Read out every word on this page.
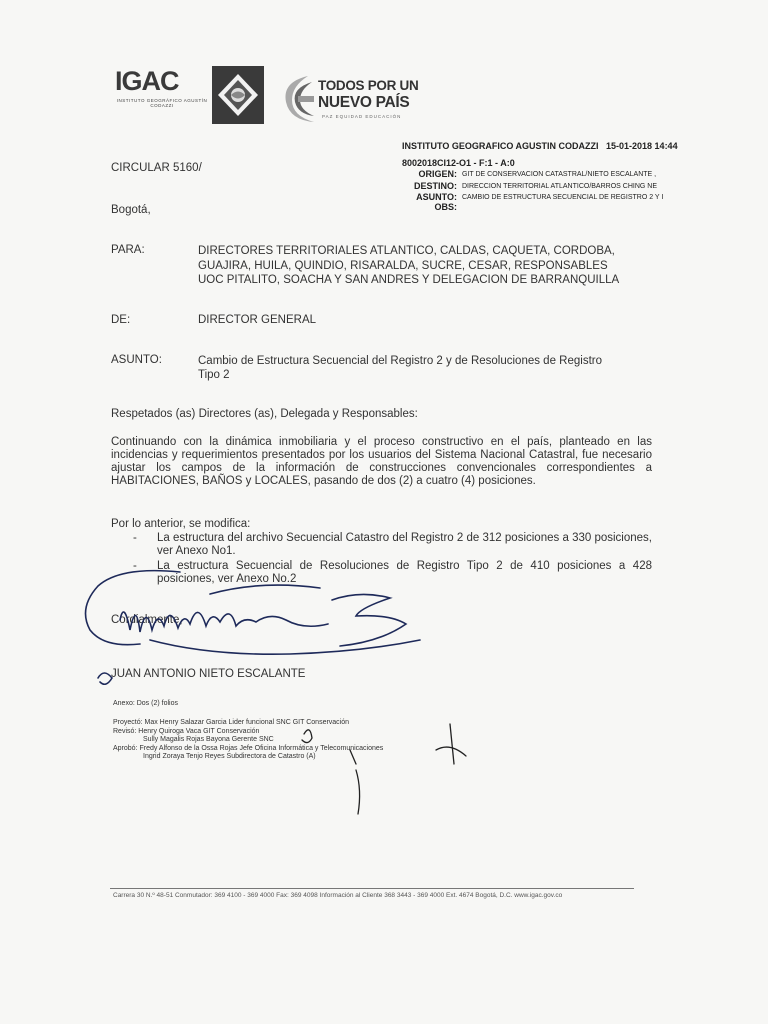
IGAC
INSTITUTO GEOGRÁFICO AGUSTÍN CODAZZI
TODOS POR UN
NUEVO PAÍS
PAZ EQUIDAD EDUCACIÓN
INSTITUTO GEOGRAFICO AGUSTIN CODAZZI 15-01-2018 14:44
8002018CI12-O1 - F:1 - A:0
ORIGEN: GIT DE CONSERVACION CATASTRAL/NIETO ESCALANTE ,
DESTINO: DIRECCION TERRITORIAL ATLANTICO/BARROS CHING NE
ASUNTO: CAMBIO DE ESTRUCTURA SECUENCIAL DE REGISTRO 2 Y I
OBS:
CIRCULAR 5160/
Bogotá,
PARA:	DIRECTORES TERRITORIALES ATLANTICO, CALDAS, CAQUETA, CORDOBA,
GUAJIRA, HUILA, QUINDIO, RISARALDA, SUCRE, CESAR, RESPONSABLES
UOC PITALITO, SOACHA Y SAN ANDRES Y DELEGACION DE BARRANQUILLA
DE:	DIRECTOR GENERAL
ASUNTO:	Cambio de Estructura Secuencial del Registro 2 y de Resoluciones de Registro
Tipo 2
Respetados (as) Directores (as), Delegada y Responsables:
Continuando con la dinámica inmobiliaria y el proceso constructivo en el país, planteado en las incidencias y requerimientos presentados por los usuarios del Sistema Nacional Catastral, fue necesario ajustar los campos de la información de construcciones convencionales correspondientes a HABITACIONES, BAÑOS y LOCALES, pasando de dos (2) a cuatro (4) posiciones.
Por lo anterior, se modifica:
-	La estructura del archivo Secuencial Catastro del Registro 2 de 312 posiciones a 330 posiciones, ver Anexo No1.
-	La estructura Secuencial de Resoluciones de Registro Tipo 2 de 410 posiciones a 428 posiciones, ver Anexo No.2
Cordialmente,
JUAN ANTONIO NIETO ESCALANTE
Anexo: Dos (2) folios
Proyectó: Max Henry Salazar Garcia Lider funcional SNC GIT Conservación
Revisó: Henry Quiroga Vaca GIT Conservación
Sully Magalis Rojas Bayona Gerente SNC
Aprobó: Fredy Alfonso de la Ossa Rojas Jefe Oficina Informática y Telecomunicaciones
Ingrid Zoraya Tenjo Reyes Subdirectora de Catastro (A)
Carrera 30 N.º 48-51 Conmutador: 369 4100 - 369 4000 Fax: 369 4098 Información al Cliente 368 3443 - 369 4000 Ext. 4674 Bogotá, D.C. www.igac.gov.co
